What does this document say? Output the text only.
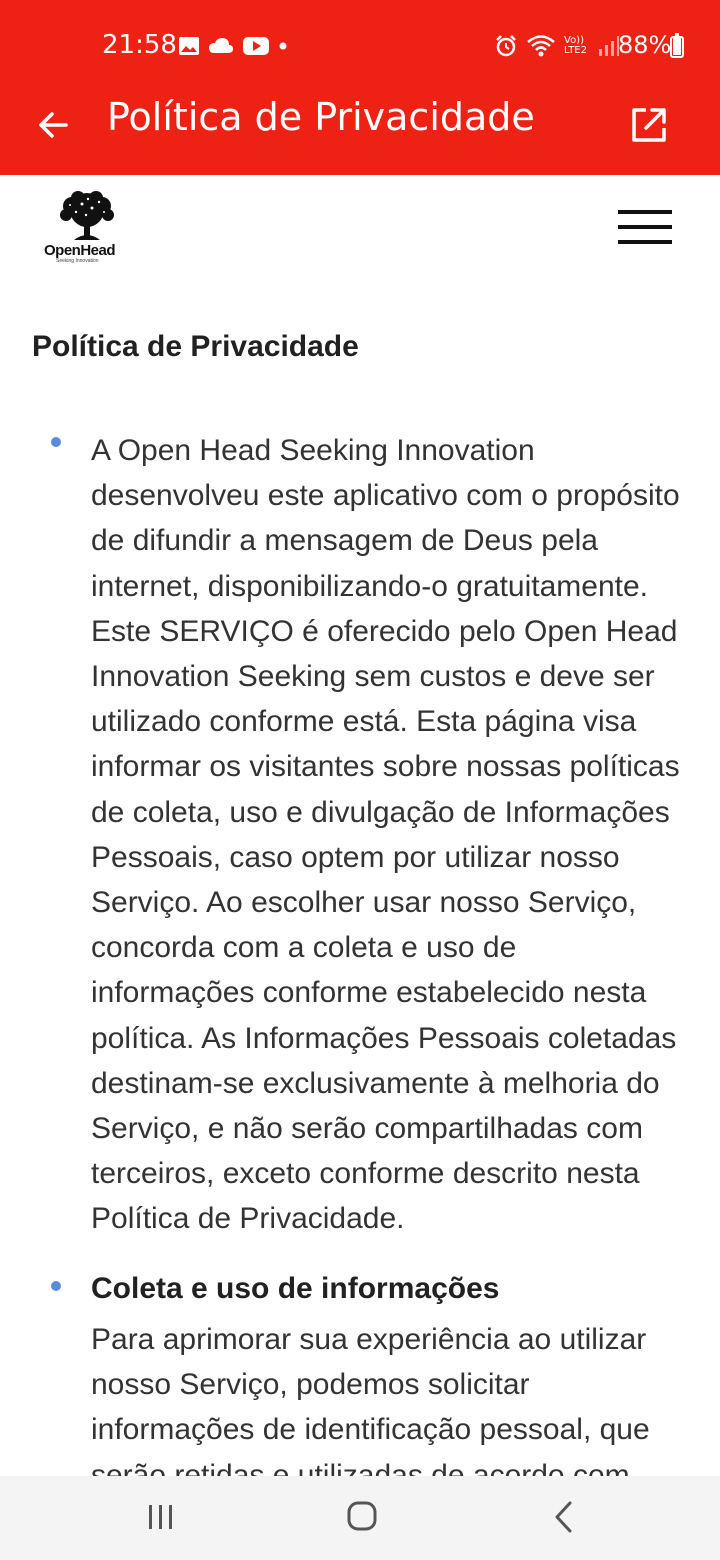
21:58	Vo)) LTE2 88%
Política de Privacidade
OpenHead
Seeking Innovation
Política de Privacidade
A Open Head Seeking Innovation
desenvolveu este aplicativo com o propósito
de difundir a mensagem de Deus pela
internet, disponibilizando-o gratuitamente.
Este SERVIÇO é oferecido pelo Open Head
Innovation Seeking sem custos e deve ser
utilizado conforme está. Esta página visa
informar os visitantes sobre nossas políticas
de coleta, uso e divulgação de Informações
Pessoais, caso optem por utilizar nosso
Serviço. Ao escolher usar nosso Serviço,
concorda com a coleta e uso de
informações conforme estabelecido nesta
política. As Informações Pessoais coletadas
destinam-se exclusivamente à melhoria do
Serviço, e não serão compartilhadas com
terceiros, exceto conforme descrito nesta
Política de Privacidade.
Coleta e uso de informações
Para aprimorar sua experiência ao utilizar
nosso Serviço, podemos solicitar
informações de identificação pessoal, que
